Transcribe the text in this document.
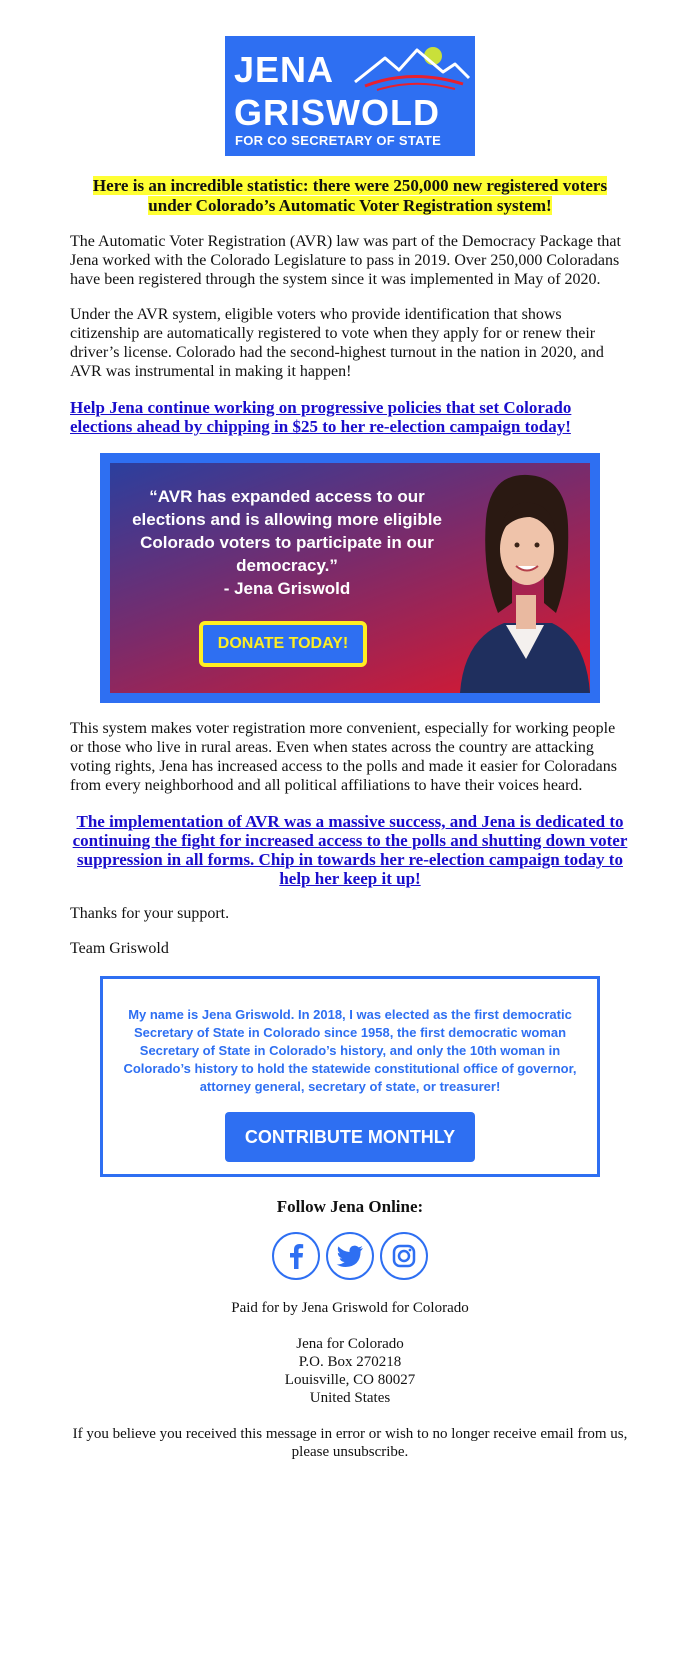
JENA
GRISWOLD
FOR CO SECRETARY OF STATE
Here is an incredible statistic: there were 250,000 new registered voters under Colorado’s Automatic Voter Registration system!

The Automatic Voter Registration (AVR) law was part of the Democracy Package that Jena worked with the Colorado Legislature to pass in 2019. Over 250,000 Coloradans have been registered through the system since it was implemented in May of 2020.

Under the AVR system, eligible voters who provide identification that shows citizenship are automatically registered to vote when they apply for or renew their driver’s license. Colorado had the second-highest turnout in the nation in 2020, and AVR was instrumental in making it happen!

Help Jena continue working on progressive policies that set Colorado elections ahead by chipping in $25 to her re-election campaign today!
“AVR has expanded access to our elections and is allowing more eligible Colorado voters to participate in our democracy.”
- Jena Griswold
DONATE TODAY!

This system makes voter registration more convenient, especially for working people or those who live in rural areas. Even when states across the country are attacking voting rights, Jena has increased access to the polls and made it easier for Coloradans from every neighborhood and all political affiliations to have their voices heard.

The implementation of AVR was a massive success, and Jena is dedicated to continuing the fight for increased access to the polls and shutting down voter suppression in all forms. Chip in towards her re-election campaign today to help her keep it up!

Thanks for your support.

Team Griswold

My name is Jena Griswold. In 2018, I was elected as the first democratic Secretary of State in Colorado since 1958, the first democratic woman Secretary of State in Colorado’s history, and only the 10th woman in Colorado’s history to hold the statewide constitutional office of governor, attorney general, secretary of state, or treasurer!

CONTRIBUTE MONTHLY

Follow Jena Online:

Paid for by Jena Griswold for Colorado

Jena for Colorado

P.O. Box 270218

Louisville, CO 80027

United States

If you believe you received this message in error or wish to no longer receive email from us, please unsubscribe.
